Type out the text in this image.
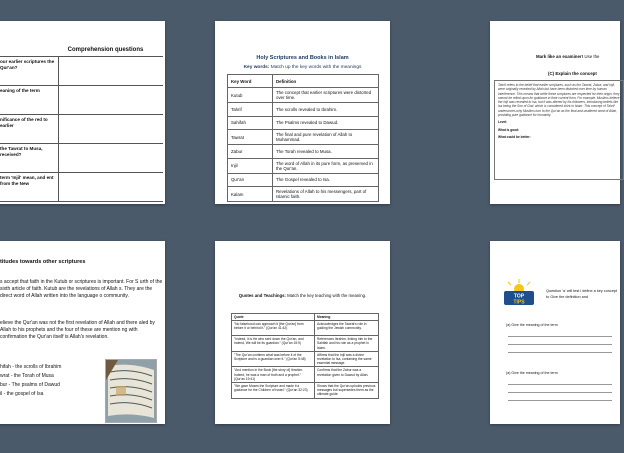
Comprehension questions
our earlier scriptures the Qur'an?
eaning of the term
nificance of the red to earlier
the Tawrat to Musa, received?
term 'Injil' mean, and ent from the New
Holy Scriptures and Books in Islam
Key words: Match up the key words with the meanings
Key Word	Definition
Kutub	The concept that earlier scriptures were distorted over time.
Tahrif	The scrolls revealed to Ibrahim.
Sahifah	The Psalms revealed to Dawud.
Tawrat	The final and pure revelation of Allah to Muhammad.
Zabur	The Torah revealed to Musa.
Injil	The word of Allah in its pure form, as preserved in the Qur'an.
Qur'an	The Gospel revealed to Isa.
Kalam	Revelations of Allah to his messengers, part of Islamic faith.
Mark like an examiner! Use the
(C) Explain the concept
Tahrif refers to the belief that earlier scriptures, such as the Tawrat, Zabur, and Injil, were originally revealed by Allah but have been distorted over time by human interference. This means that while these scriptures are respected for their origin, they cannot be relied upon for guidance in their current form. For example, Muslims believe the Injil was revealed to Isa, but it was altered by his followers, introducing beliefs like Isa being the Son of God, which is considered shirk in Islam. This concept of Tahrif underscores why Muslims turn to the Qur'an as the final and unaltered word of Allah, providing pure guidance for humanity.
Level:
What is good:
What could be better:
titudes towards other scriptures
s accept that faith in the Kutub or scriptures is important. For S urth of the sixth article of faith. Kutub are the revelations of Allah s. They are the direct word of Allah written into the language o community.
elieve the Qur'an was not the first revelation of Allah and there aled by Allah to his prophets and the four of these are mention ng with confirmation the Qur'an itself is Allah's revelation.
hifah - the scrolls of Ibrahim
wrat - the Torah of Musa
bur - The psalms of Dawud
il - the gospel of Isa
Quotes and Teachings: Match the key teaching with the meaning.
Quote	Meaning
"No falsehood can approach it [the Qur'an] from before it or behind it." (Qur'an 41:42)	Acknowledges the Tawrat's role in guiding the Jewish community.
"Indeed, it is He who sent down the Qur'an, and indeed, We will be its guardian." (Qur'an 15:9)	References Ibrahim, linking him to the Sahifah and his role as a prophet in Islam.
"The Qur'an confirms what was before it of the Scripture and is a guardian over it." (Qur'an 5:48)	Affirms that the Injil was a divine revelation to Isa, containing the same essential message.
"And mention in the Book [the story of] Ibrahim. Indeed, he was a man of truth and a prophet." (Qur'an 19:41)	Confirms that the Zabur was a revelation given to Dawud by Allah.
"We gave Moses the Scripture and made it a guidance for the Children of Israel." (Qur'an 32:23)	Shows that the Qur'an upholds previous messages but supersedes them as the ultimate guide.
TOP
TIPS
Question 'a' will test i define a key concept to Give the definition and
(a) Give the meaning of the term
(a) Give the meaning of the term
